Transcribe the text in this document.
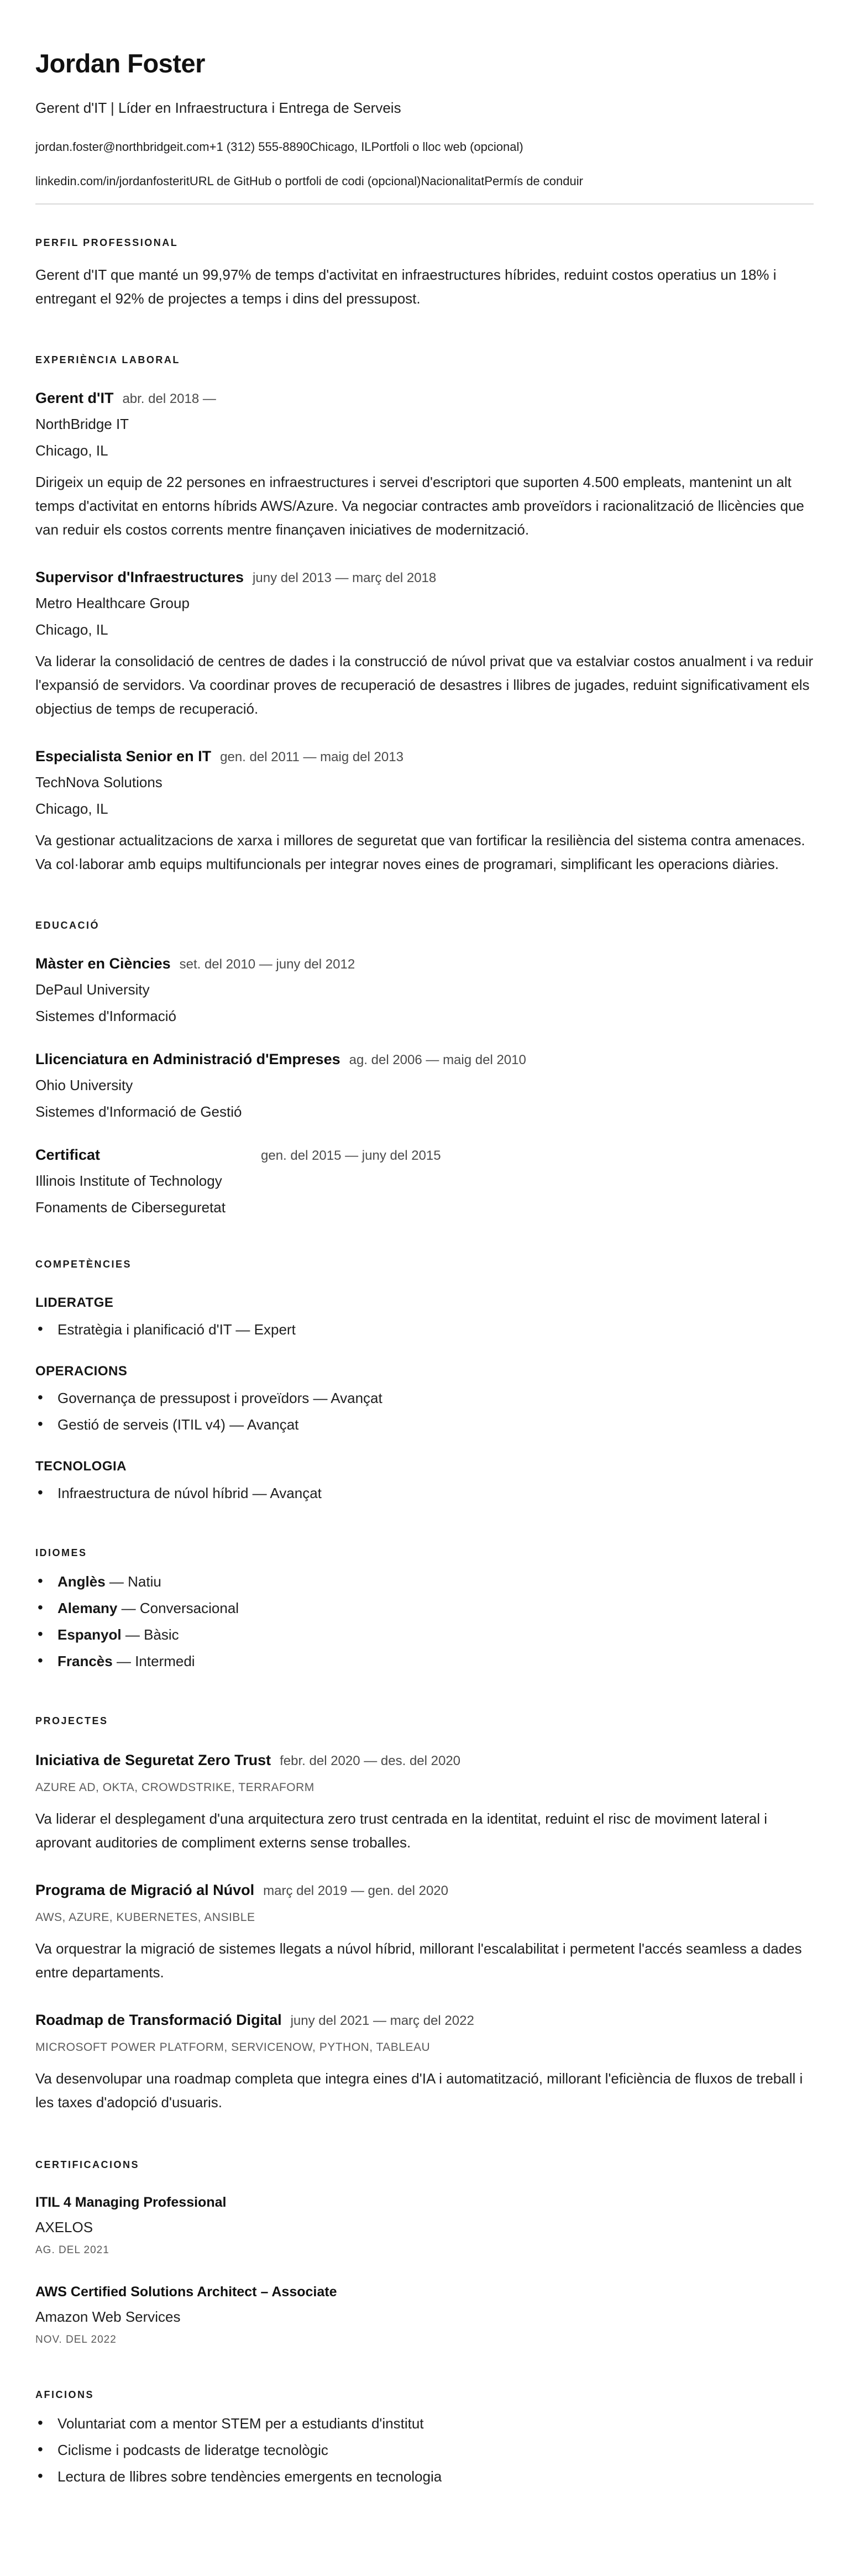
Jordan Foster
Gerent d'IT | Líder en Infraestructura i Entrega de Serveis
jordan.foster@northbridgeit.com+1 (312) 555-8890Chicago, ILPortfoli o lloc web (opcional)
linkedin.com/in/jordanfosteritURL de GitHub o portfoli de codi (opcional)NacionalitatPermís de conduir
PERFIL PROFESSIONAL

Gerent d'IT que manté un 99,97% de temps d'activitat en infraestructures híbrides, reduint costos operatius un 18% i entregant el 92% de projectes a temps i dins del pressupost.

EXPERIÈNCIA LABORAL
Gerent d'IT abr. del 2018 —
NorthBridge IT
Chicago, IL

Dirigeix un equip de 22 persones en infraestructures i servei d'escriptori que suporten 4.500 empleats, mantenint un alt temps d'activitat en entorns híbrids AWS/Azure. Va negociar contractes amb proveïdors i racionalització de llicències que van reduir els costos corrents mentre finançaven iniciatives de modernització.

Supervisor d'Infraestructures juny del 2013 — març del 2018
Metro Healthcare Group
Chicago, IL

Va liderar la consolidació de centres de dades i la construcció de núvol privat que va estalviar costos anualment i va reduir l'expansió de servidors. Va coordinar proves de recuperació de desastres i llibres de jugades, reduint significativament els objectius de temps de recuperació.

Especialista Senior en IT gen. del 2011 — maig del 2013
TechNova Solutions
Chicago, IL

Va gestionar actualitzacions de xarxa i millores de seguretat que van fortificar la resiliència del sistema contra amenaces. Va col·laborar amb equips multifuncionals per integrar noves eines de programari, simplificant les operacions diàries.

EDUCACIÓ
Màster en Ciències set. del 2010 — juny del 2012
DePaul University
Sistemes d'Informació
Llicenciatura en Administració d'Empreses ag. del 2006 — maig del 2010
Ohio University
Sistemes d'Informació de Gestió
Certificat	gen. del 2015 — juny del 2015
Illinois Institute of Technology
Fonaments de Ciberseguretat
COMPETÈNCIES
LIDERATGE
• Estratègia i planificació d'IT — Expert
OPERACIONS
• Governança de pressupost i proveïdors — Avançat
• Gestió de serveis (ITIL v4) — Avançat
TECNOLOGIA
• Infraestructura de núvol híbrid — Avançat
IDIOMES
• Anglès — Natiu
• Alemany — Conversacional
• Espanyol — Bàsic
• Francès — Intermedi
PROJECTES
Iniciativa de Seguretat Zero Trust febr. del 2020 — des. del 2020
AZURE AD, OKTA, CROWDSTRIKE, TERRAFORM

Va liderar el desplegament d'una arquitectura zero trust centrada en la identitat, reduint el risc de moviment lateral i aprovant auditories de compliment externs sense troballes.

Programa de Migració al Núvol març del 2019 — gen. del 2020
AWS, AZURE, KUBERNETES, ANSIBLE

Va orquestrar la migració de sistemes llegats a núvol híbrid, millorant l'escalabilitat i permetent l'accés seamless a dades entre departaments.

Roadmap de Transformació Digital juny del 2021 — març del 2022
MICROSOFT POWER PLATFORM, SERVICENOW, PYTHON, TABLEAU

Va desenvolupar una roadmap completa que integra eines d'IA i automatització, millorant l'eficiència de fluxos de treball i les taxes d'adopció d'usuaris.

CERTIFICACIONS
ITIL 4 Managing Professional
AXELOS
AG. DEL 2021
AWS Certified Solutions Architect – Associate
Amazon Web Services
NOV. DEL 2022
AFICIONS
• Voluntariat com a mentor STEM per a estudiants d'institut
• Ciclisme i podcasts de lideratge tecnològic
• Lectura de llibres sobre tendències emergents en tecnologia
